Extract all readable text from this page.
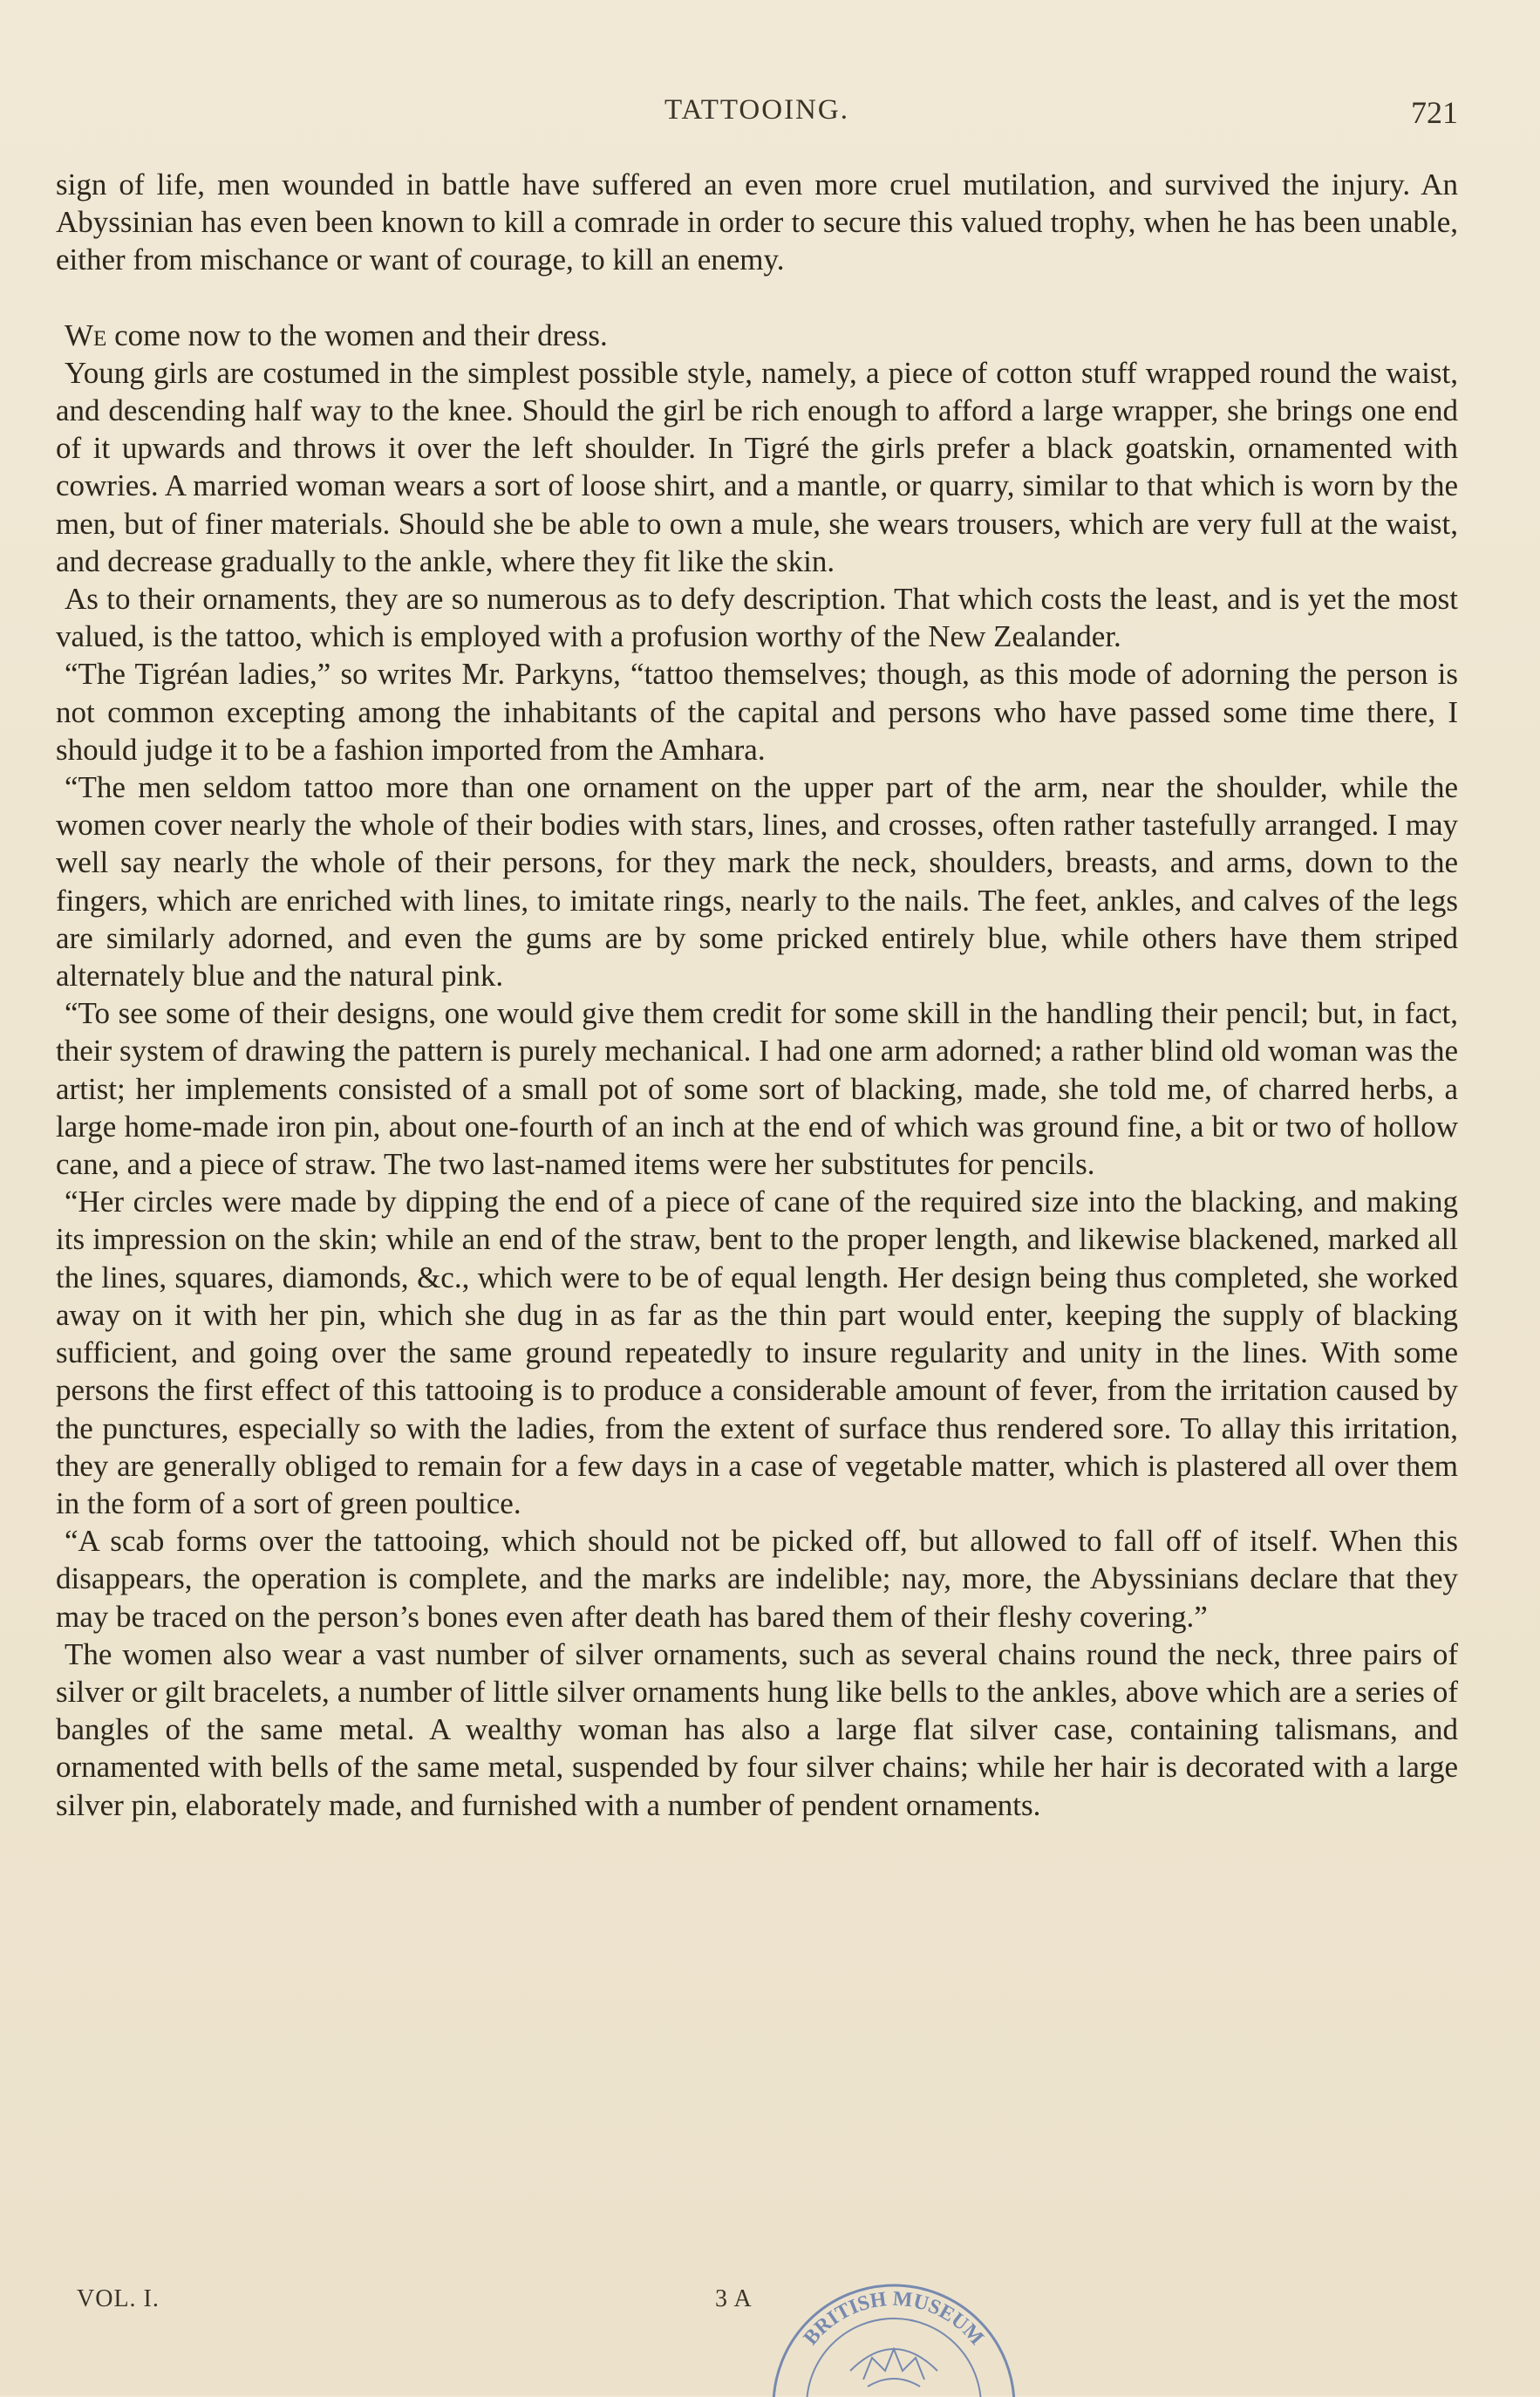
TATTOOING.	721

sign of life, men wounded in battle have suffered an even more cruel mutilation, and survived the injury. An Abyssinian has even been known to kill a comrade in order to secure this valued trophy, when he has been unable, either from mischance or want of courage, to kill an enemy.

We come now to the women and their dress.

Young girls are costumed in the simplest possible style, namely, a piece of cotton stuff wrapped round the waist, and descending half way to the knee. Should the girl be rich enough to afford a large wrapper, she brings one end of it upwards and throws it over the left shoulder. In Tigré the girls prefer a black goatskin, ornamented with cowries. A married woman wears a sort of loose shirt, and a mantle, or quarry, similar to that which is worn by the men, but of finer materials. Should she be able to own a mule, she wears trousers, which are very full at the waist, and decrease gradually to the ankle, where they fit like the skin.

As to their ornaments, they are so numerous as to defy description. That which costs the least, and is yet the most valued, is the tattoo, which is employed with a profusion worthy of the New Zealander.

“The Tigréan ladies,” so writes Mr. Parkyns, “tattoo themselves; though, as this mode of adorning the person is not common excepting among the inhabitants of the capital and persons who have passed some time there, I should judge it to be a fashion imported from the Amhara.

“The men seldom tattoo more than one ornament on the upper part of the arm, near the shoulder, while the women cover nearly the whole of their bodies with stars, lines, and crosses, often rather tastefully arranged. I may well say nearly the whole of their persons, for they mark the neck, shoulders, breasts, and arms, down to the fingers, which are enriched with lines, to imitate rings, nearly to the nails. The feet, ankles, and calves of the legs are similarly adorned, and even the gums are by some pricked entirely blue, while others have them striped alternately blue and the natural pink.

“To see some of their designs, one would give them credit for some skill in the handling their pencil; but, in fact, their system of drawing the pattern is purely mechanical. I had one arm adorned; a rather blind old woman was the artist; her implements consisted of a small pot of some sort of blacking, made, she told me, of charred herbs, a large home-made iron pin, about one-fourth of an inch at the end of which was ground fine, a bit or two of hollow cane, and a piece of straw. The two last-named items were her substitutes for pencils.

“Her circles were made by dipping the end of a piece of cane of the required size into the blacking, and making its impression on the skin; while an end of the straw, bent to the proper length, and likewise blackened, marked all the lines, squares, diamonds, &c., which were to be of equal length. Her design being thus completed, she worked away on it with her pin, which she dug in as far as the thin part would enter, keeping the supply of blacking sufficient, and going over the same ground repeatedly to insure regularity and unity in the lines. With some persons the first effect of this tattooing is to produce a considerable amount of fever, from the irritation caused by the punctures, especially so with the ladies, from the extent of surface thus rendered sore. To allay this irritation, they are generally obliged to remain for a few days in a case of vegetable matter, which is plastered all over them in the form of a sort of green poultice.

“A scab forms over the tattooing, which should not be picked off, but allowed to fall off of itself. When this disappears, the operation is complete, and the marks are indelible; nay, more, the Abyssinians declare that they may be traced on the person’s bones even after death has bared them of their fleshy covering.”

The women also wear a vast number of silver ornaments, such as several chains round the neck, three pairs of silver or gilt bracelets, a number of little silver ornaments hung like bells to the ankles, above which are a series of bangles of the same metal. A wealthy woman has also a large flat silver case, containing talismans, and ornamented with bells of the same metal, suspended by four silver chains; while her hair is decorated with a large silver pin, elaborately made, and furnished with a number of pendent ornaments.

VOL. I.	3 A
BRITISH MUSEUM
